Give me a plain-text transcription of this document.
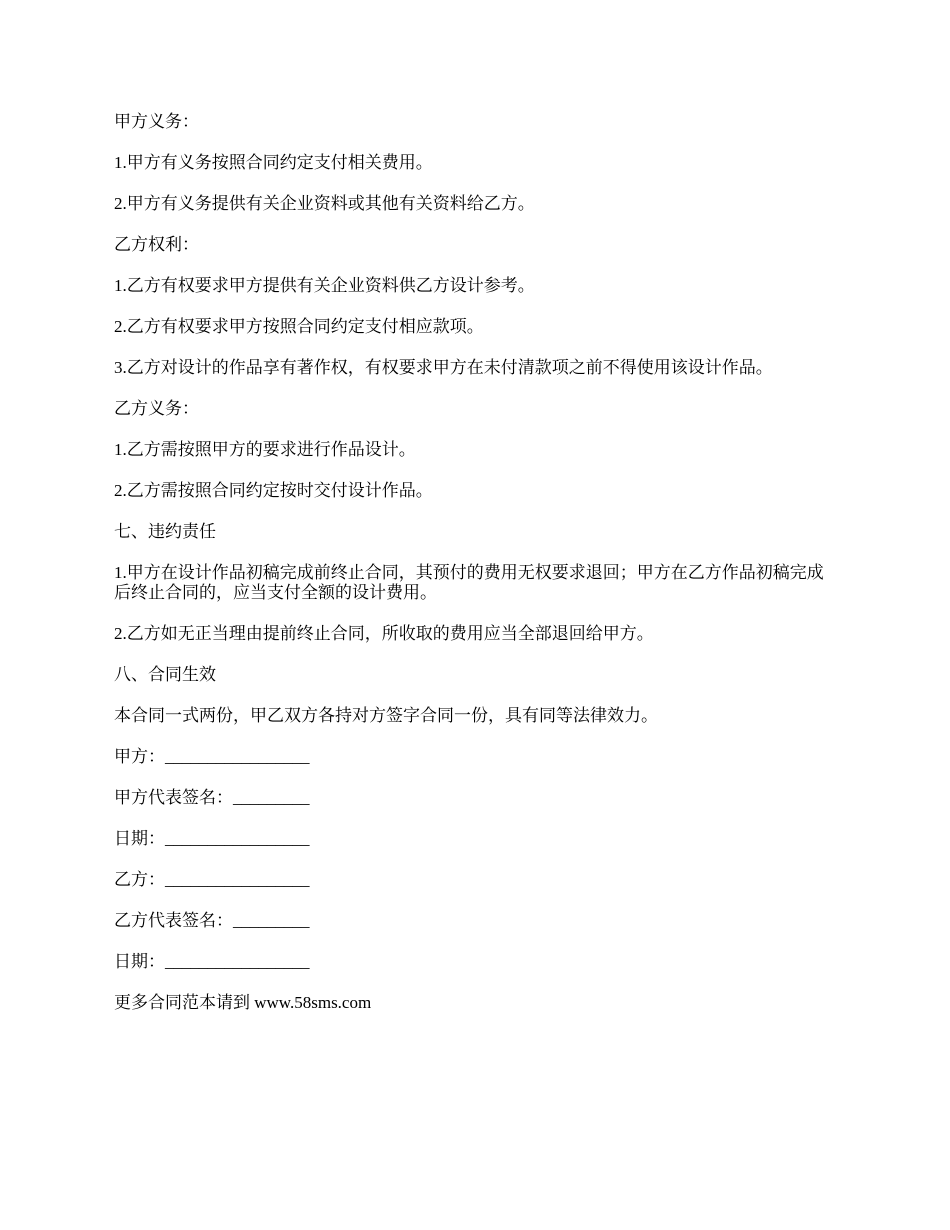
甲方义务：

1.甲方有义务按照合同约定支付相关费用。

2.甲方有义务提供有关企业资料或其他有关资料给乙方。

乙方权利：

1.乙方有权要求甲方提供有关企业资料供乙方设计参考。

2.乙方有权要求甲方按照合同约定支付相应款项。

3.乙方对设计的作品享有著作权，有权要求甲方在未付清款项之前不得使用该设计作品。

乙方义务：

1.乙方需按照甲方的要求进行作品设计。

2.乙方需按照合同约定按时交付设计作品。

七、违约责任

1.甲方在设计作品初稿完成前终止合同，其预付的费用无权要求退回；甲方在乙方作品初稿完成后终止合同的，应当支付全额的设计费用。

2.乙方如无正当理由提前终止合同，所收取的费用应当全部退回给甲方。

八、合同生效

本合同一式两份，甲乙双方各持对方签字合同一份，具有同等法律效力。

甲方：_________________

甲方代表签名：_________

日期：_________________

乙方：_________________

乙方代表签名：_________

日期：_________________

更多合同范本请到 www.58sms.com
